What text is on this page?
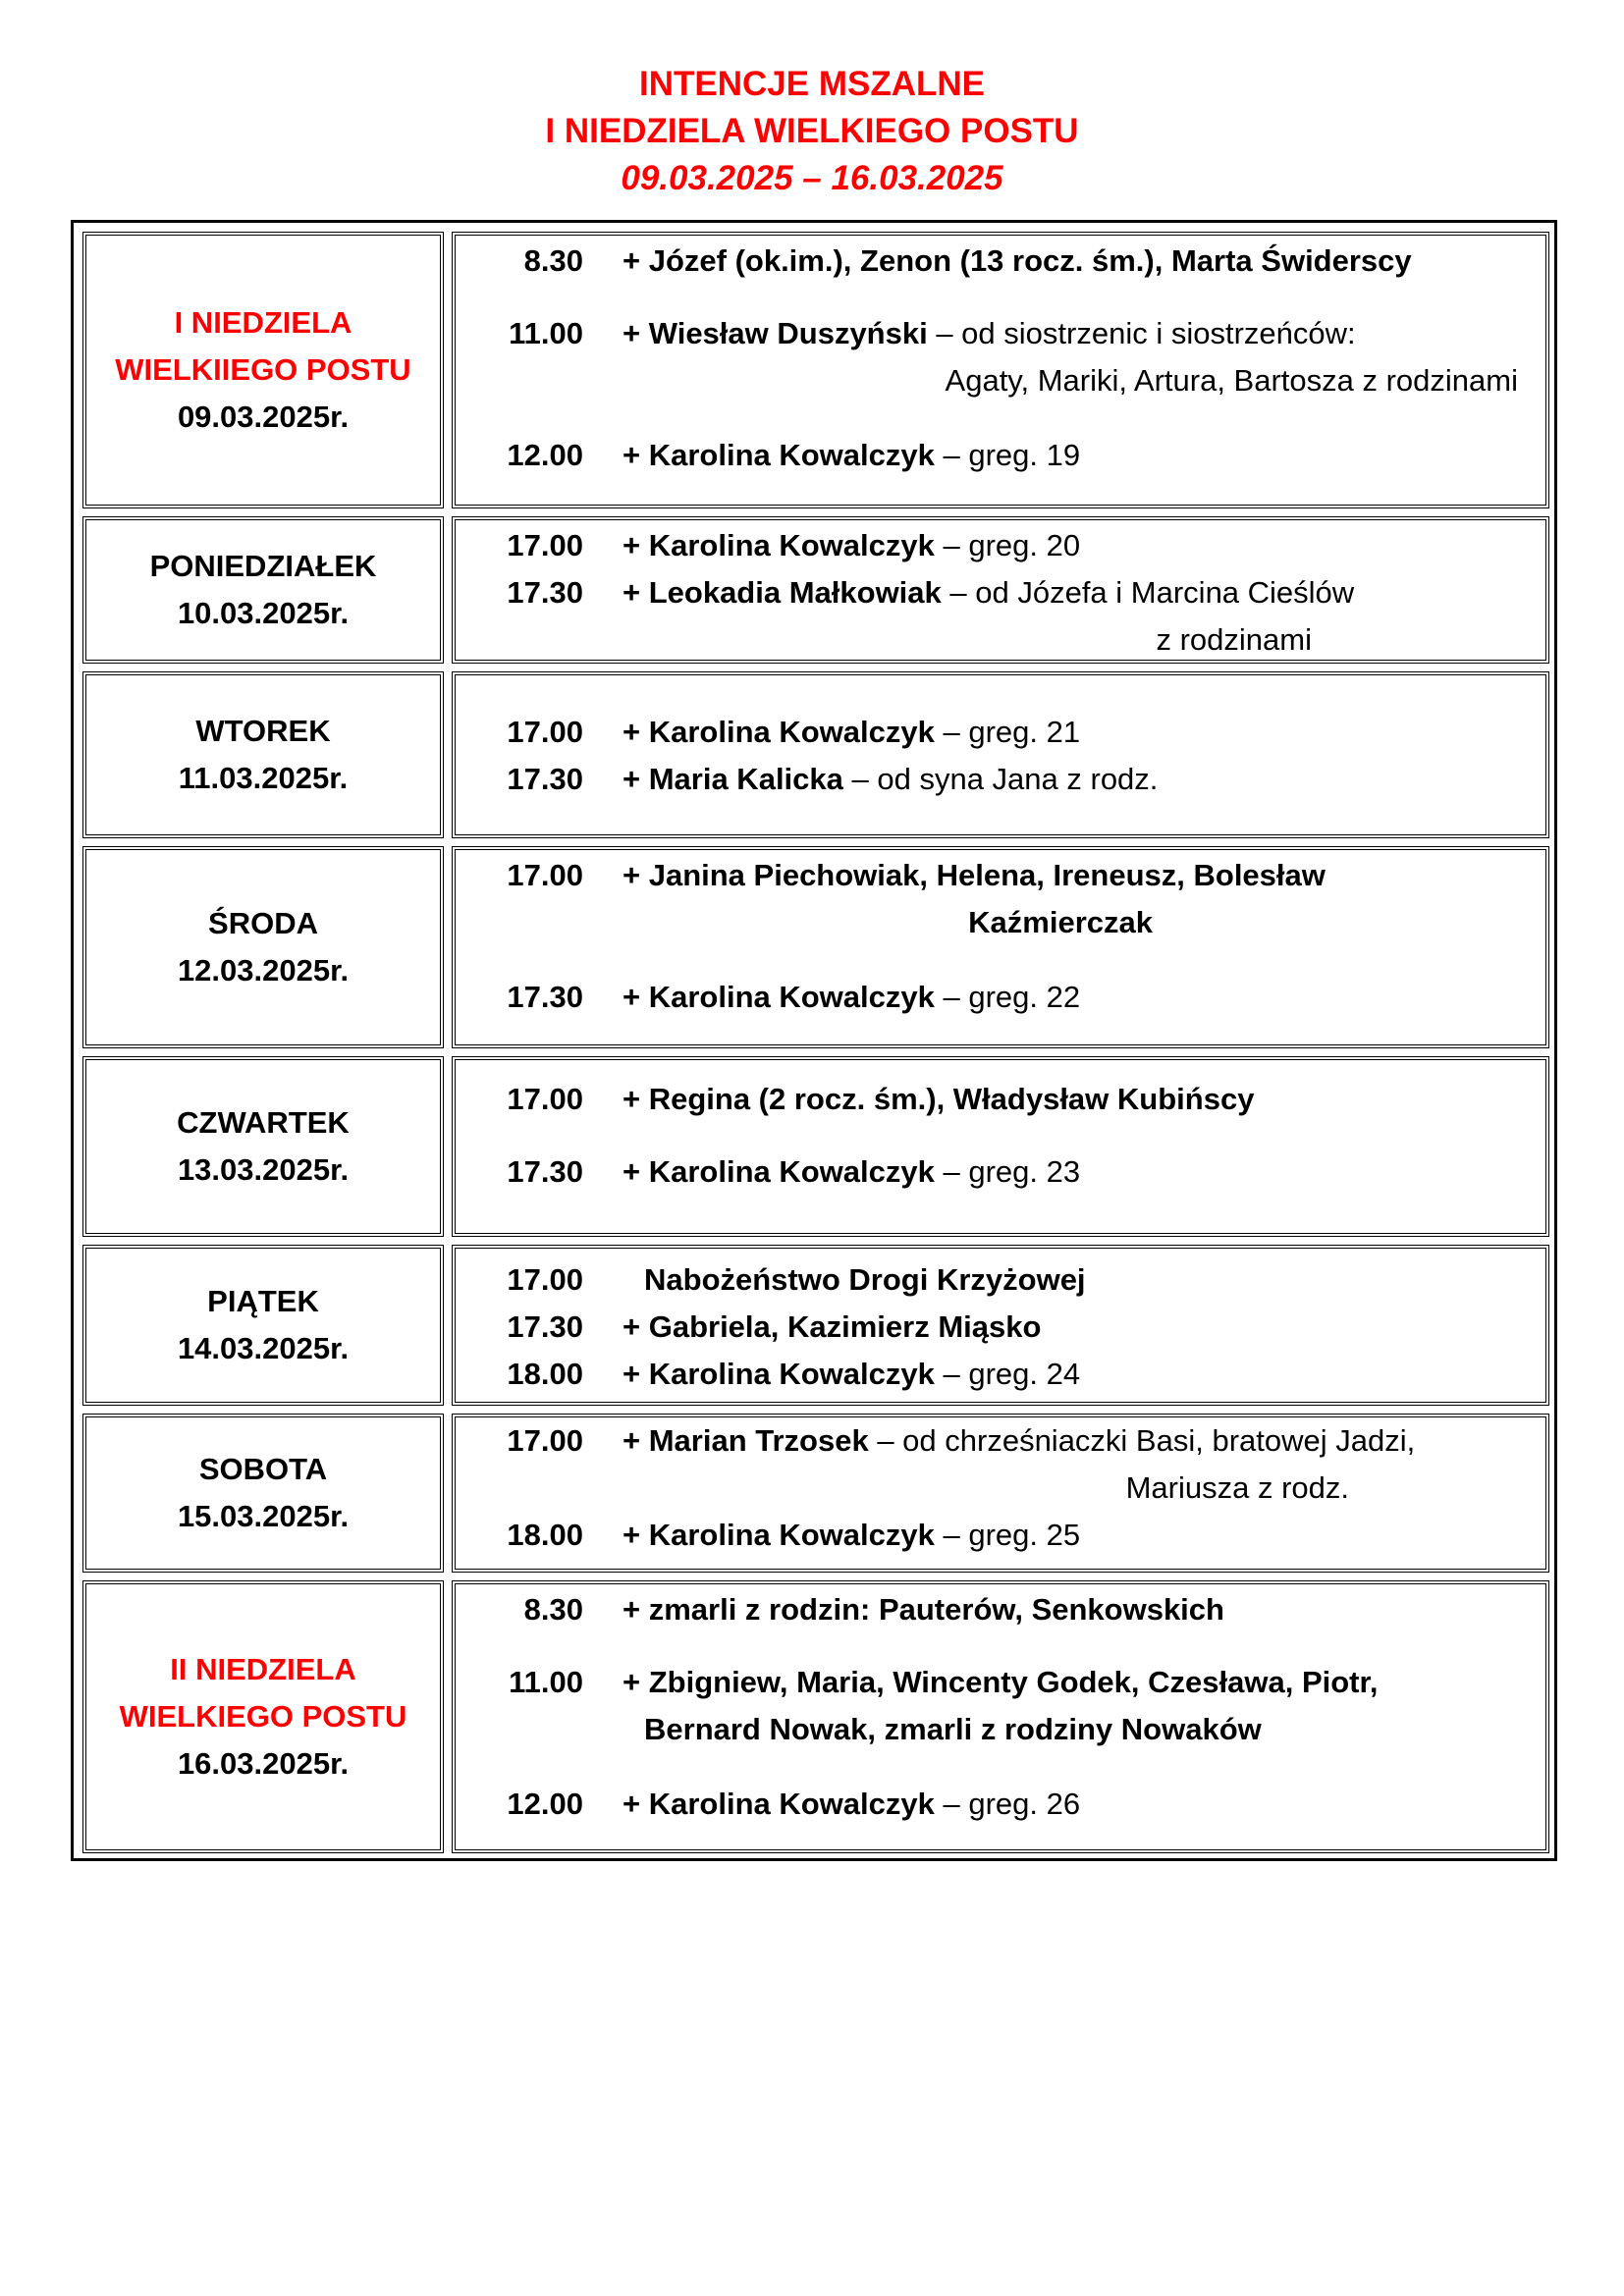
INTENCJE MSZALNE
I NIEDZIELA WIELKIEGO POSTU
09.03.2025 – 16.03.2025
I NIEDZIELA
WIELKIIEGO POSTU
09.03.2025r.
8.30 + Józef (ok.im.), Zenon (13 rocz. śm.), Marta Świderscy
11.00 + Wiesław Duszyński – od siostrzenic i siostrzeńców:
Agaty, Mariki, Artura, Bartosza z rodzinami
12.00 + Karolina Kowalczyk – greg. 19
PONIEDZIAŁEK
10.03.2025r.
17.00 + Karolina Kowalczyk – greg. 20
17.30 + Leokadia Małkowiak – od Józefa i Marcina Cieślów
z rodzinami
WTOREK
11.03.2025r.
17.00 + Karolina Kowalczyk – greg. 21
17.30 + Maria Kalicka – od syna Jana z rodz.
ŚRODA
12.03.2025r.
17.00 + Janina Piechowiak, Helena, Ireneusz, Bolesław
Kaźmierczak
17.30 + Karolina Kowalczyk – greg. 22
CZWARTEK
13.03.2025r.
17.00 + Regina (2 rocz. śm.), Władysław Kubińscy
17.30 + Karolina Kowalczyk – greg. 23
PIĄTEK
14.03.2025r.
17.00 Nabożeństwo Drogi Krzyżowej
17.30 + Gabriela, Kazimierz Miąsko
18.00 + Karolina Kowalczyk – greg. 24
SOBOTA
15.03.2025r.
17.00 + Marian Trzosek – od chrześniaczki Basi, bratowej Jadzi,
Mariusza z rodz.
18.00 + Karolina Kowalczyk – greg. 25
II NIEDZIELA
WIELKIEGO POSTU
16.03.2025r.
8.30 + zmarli z rodzin: Pauterów, Senkowskich
11.00 + Zbigniew, Maria, Wincenty Godek, Czesława, Piotr,
Bernard Nowak, zmarli z rodziny Nowaków
12.00 + Karolina Kowalczyk – greg. 26
